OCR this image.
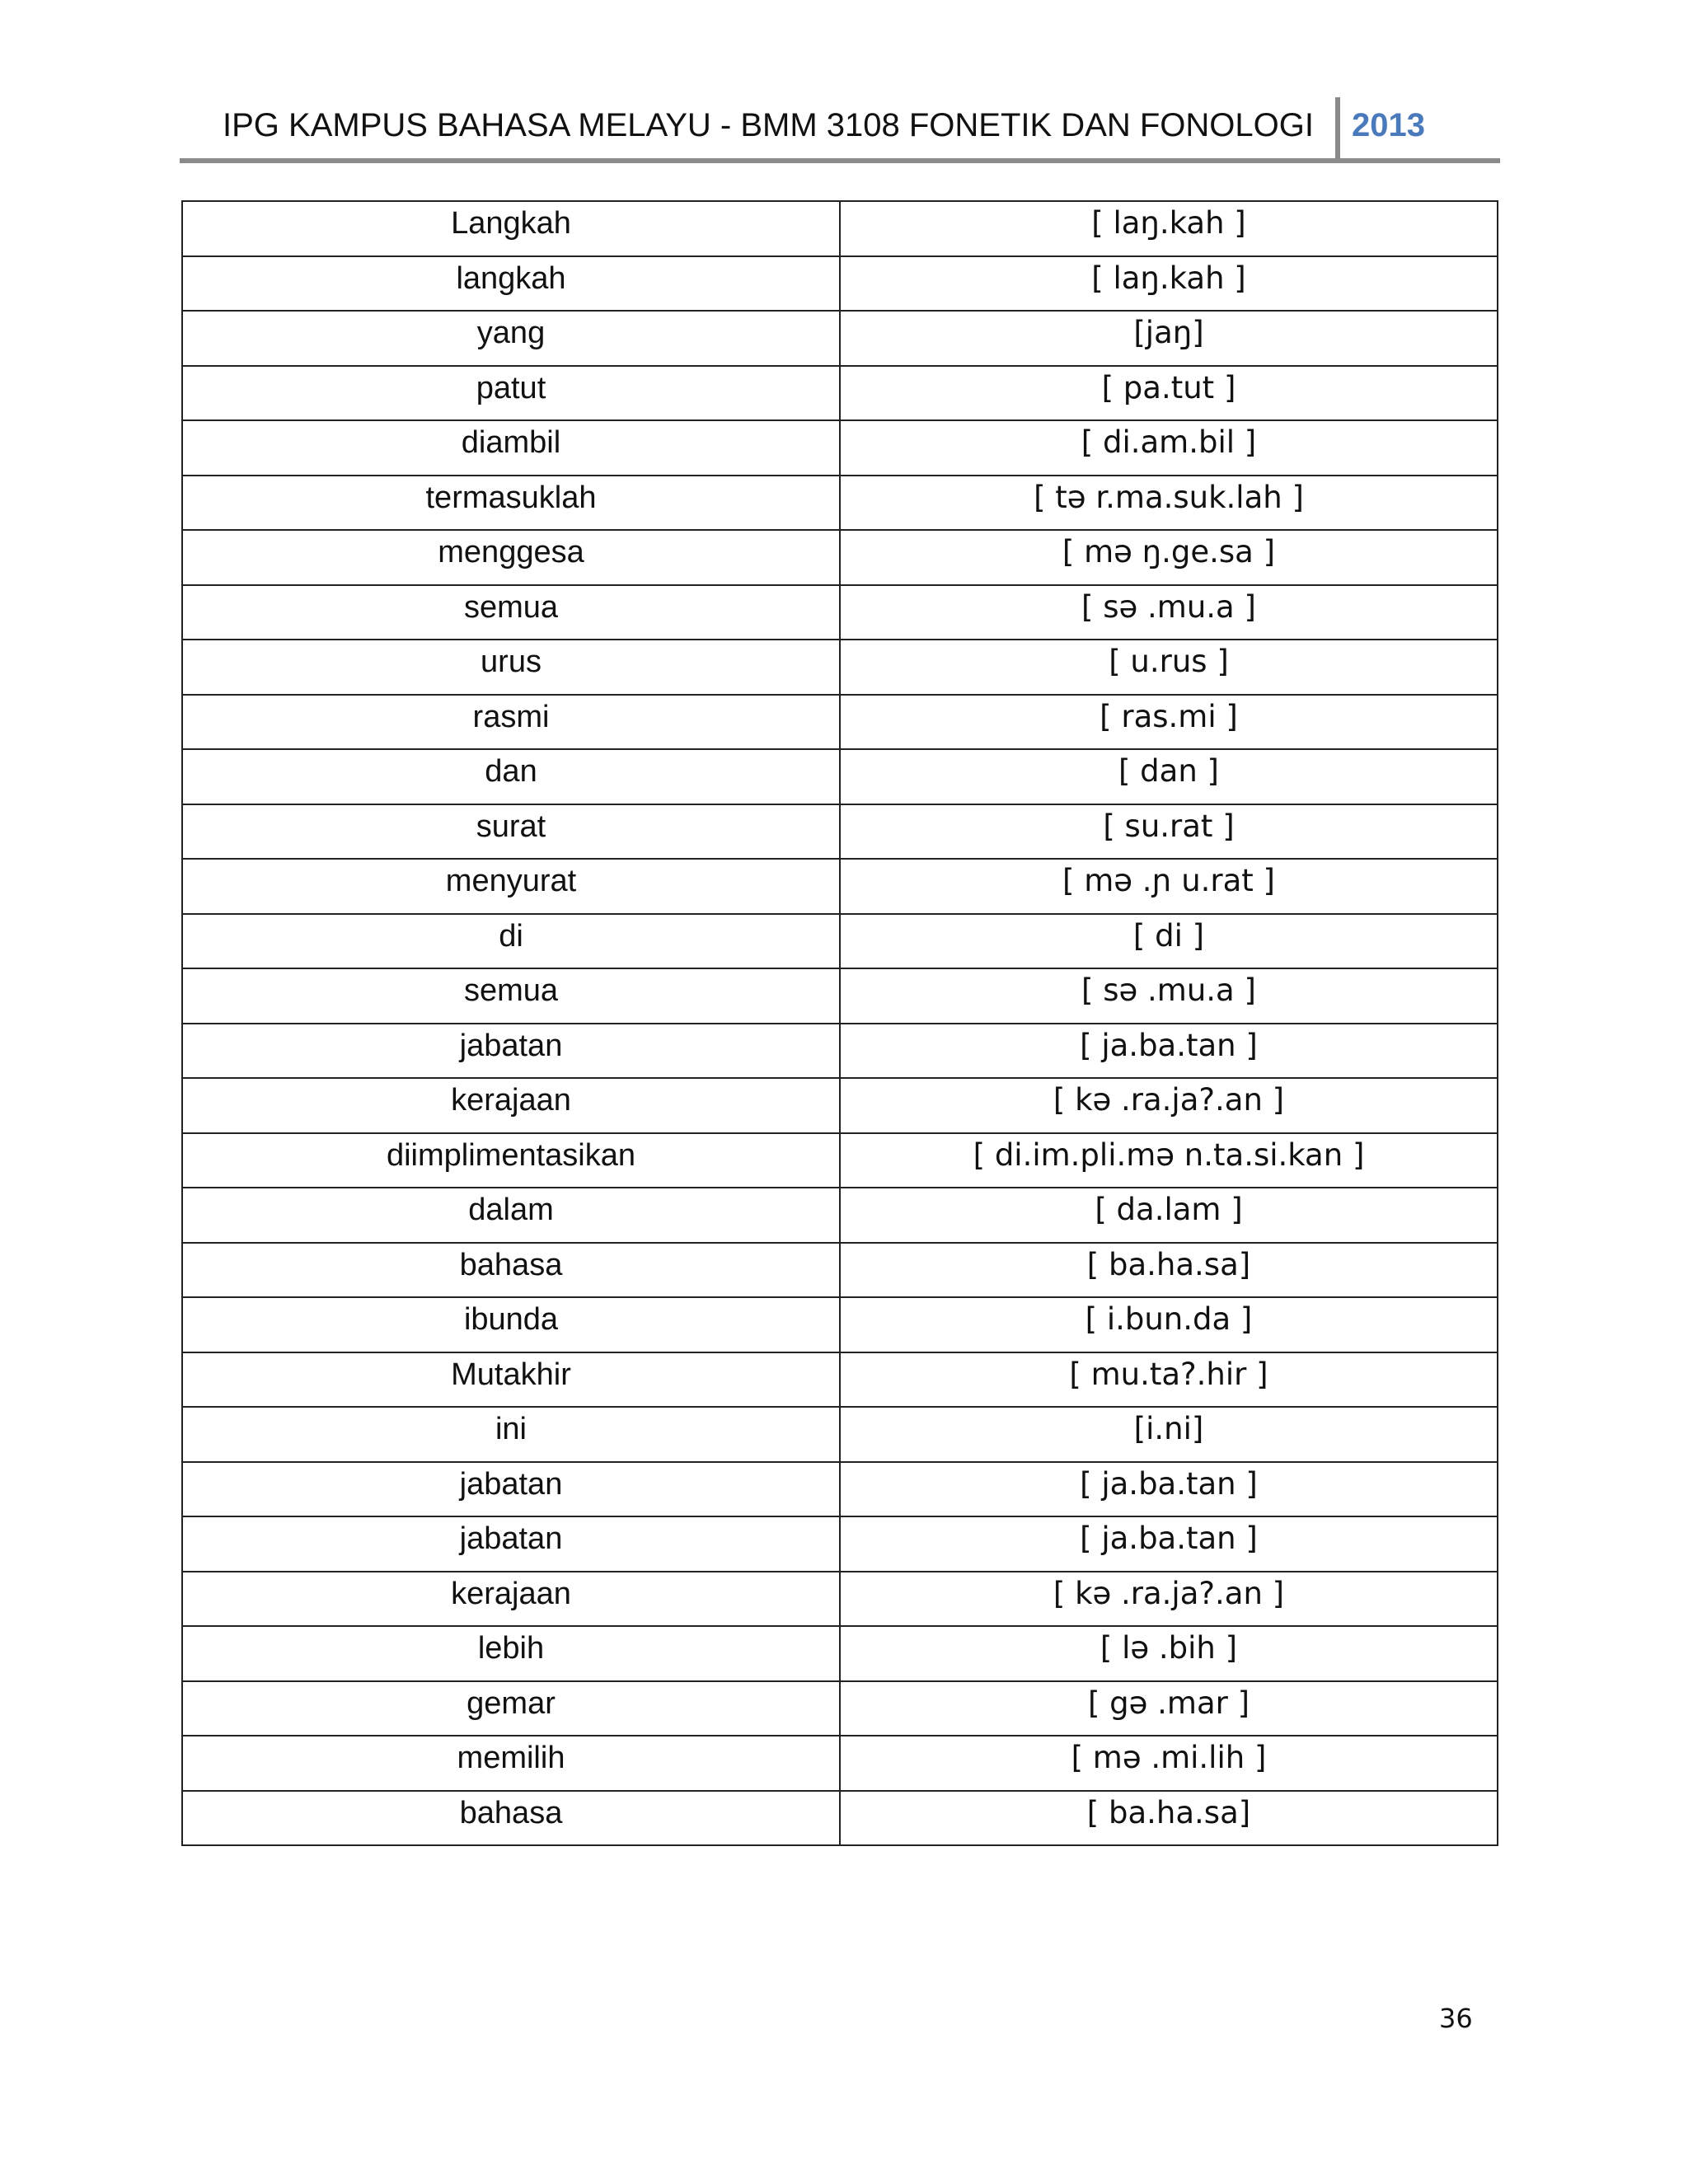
IPG KAMPUS BAHASA MELAYU - BMM 3108 FONETIK DAN FONOLOGI 2013
Langkah	[ laŋ.kah ]
langkah	[ laŋ.kah ]
yang	[jaŋ]
patut	[ pa.tut ]
diambil	[ di.am.bil ]
termasuklah	[ tə r.ma.suk.lah ]
menggesa	[ mə ŋ.ge.sa ]
semua	[ sə .mu.a ]
urus	[ u.rus ]
rasmi	[ ras.mi ]
dan	[ dan ]
surat	[ su.rat ]
menyurat	[ mə .ɲ u.rat ]
di	[ di ]
semua	[ sə .mu.a ]
jabatan	[ ja.ba.tan ]
kerajaan	[ kə .ra.ja?.an ]
diimplimentasikan	[ di.im.pli.mə n.ta.si.kan ]
dalam	[ da.lam ]
bahasa	[ ba.ha.sa]
ibunda	[ i.bun.da ]
Mutakhir	[ mu.ta?.hir ]
ini	[i.ni]
jabatan	[ ja.ba.tan ]
jabatan	[ ja.ba.tan ]
kerajaan	[ kə .ra.ja?.an ]
lebih	[ lə .bih ]
gemar	[ gə .mar ]
memilih	[ mə .mi.lih ]
bahasa	[ ba.ha.sa]
36
